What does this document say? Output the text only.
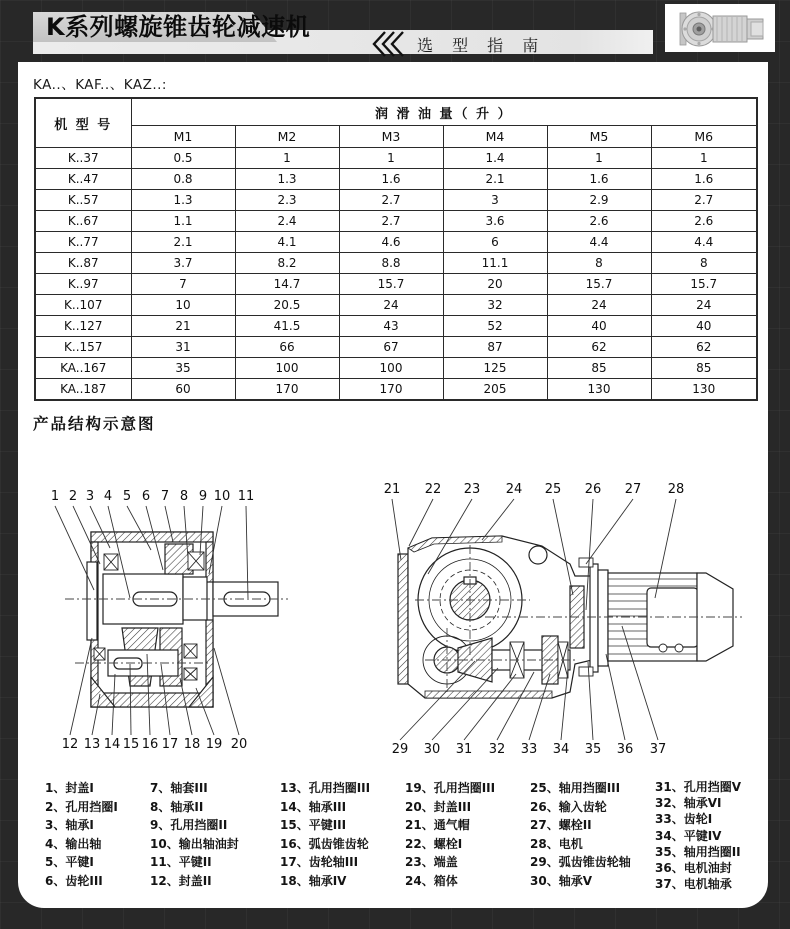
K系列螺旋锥齿轮减速机
选 型 指 南
KA..、KAF..、KAZ..:
机 型 号	润 滑 油 量（ 升 ）					
	M1	M2	M3	M4	M5	M6
K..37	0.5	1	1	1.4	1	1
K..47	0.8	1.3	1.6	2.1	1.6	1.6
K..57	1.3	2.3	2.7	3	2.9	2.7
K..67	1.1	2.4	2.7	3.6	2.6	2.6
K..77	2.1	4.1	4.6	6	4.4	4.4
K..87	3.7	8.2	8.8	11.1	8	8
K..97	7	14.7	15.7	20	15.7	15.7
K..107	10	20.5	24	32	24	24
K..127	21	41.5	43	52	40	40
K..157	31	66	67	87	62	62
KA..167	35	100	100	125	85	85
KA..187	60	170	170	205	130	130
产品结构示意图
1 2 3 4 5 6 7 8 9 10 11
12 13 14 15 16 17 18 19 20
21 22 23 24 25 26 27 28
29 30 31 32 33 34 35 36 37
1、封盖I
2、孔用挡圈I
3、轴承I
4、输出轴
5、平键I
6、齿轮III
7、轴套III
8、轴承II
9、孔用挡圈II
10、输出轴油封
11、平键II
12、封盖II
13、孔用挡圈III
14、轴承III
15、平键III
16、弧齿锥齿轮
17、齿轮轴III
18、轴承IV
19、孔用挡圈III
20、封盖III
21、通气帽
22、螺栓I
23、端盖
24、箱体
25、轴用挡圈III
26、输入齿轮
27、螺栓II
28、电机
29、弧齿锥齿轮轴
30、轴承V
31、孔用挡圈V
32、轴承VI
33、齿轮I
34、平键IV
35、轴用挡圈II
36、电机油封
37、电机轴承
